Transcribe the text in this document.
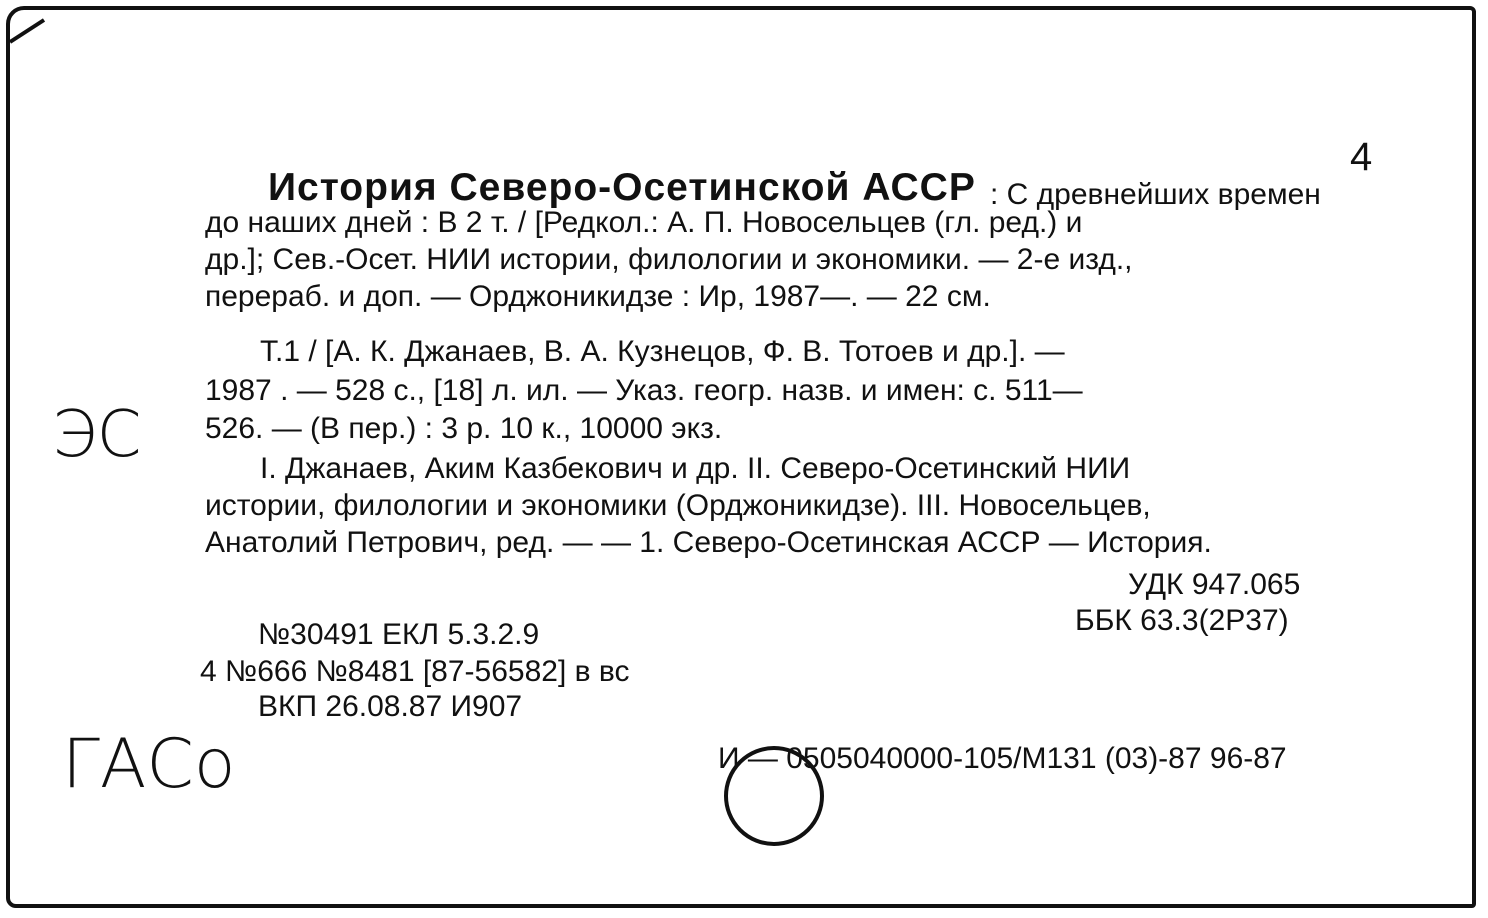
4
История Северо-Осетинской АССР : С древнейших времен
до наших дней : В 2 т. / [Редкол.: А. П. Новосельцев (гл. ред.) и
др.]; Сев.-Осет. НИИ истории, филологии и экономики. — 2-е изд.,
перераб. и доп. — Орджоникидзе : Ир, 1987—. — 22 см.
Т.1 / [А. К. Джанаев, В. А. Кузнецов, Ф. В. Тотоев и др.]. —
1987 . — 528 с., [18] л. ил. — Указ. геогр. назв. и имен: с. 511—
526. — (В пер.) : 3 р. 10 к., 10000 экз.
I. Джанаев, Аким Казбекович и др. II. Северо-Осетинский НИИ
истории, филологии и экономики (Орджоникидзе). III. Новосельцев,
Анатолий Петрович, ред. — — 1. Северо-Осетинская АССР — История.
УДК 947.065
ББК 63.3(2Р37)
№30491 ЕКЛ 5.3.2.9
4 №666 №8481 [87-56582] в вс
ВКП 26.08.87 И907
И — 0505040000-105/М131 (03)-87 96-87
ЭС
ГАСо
